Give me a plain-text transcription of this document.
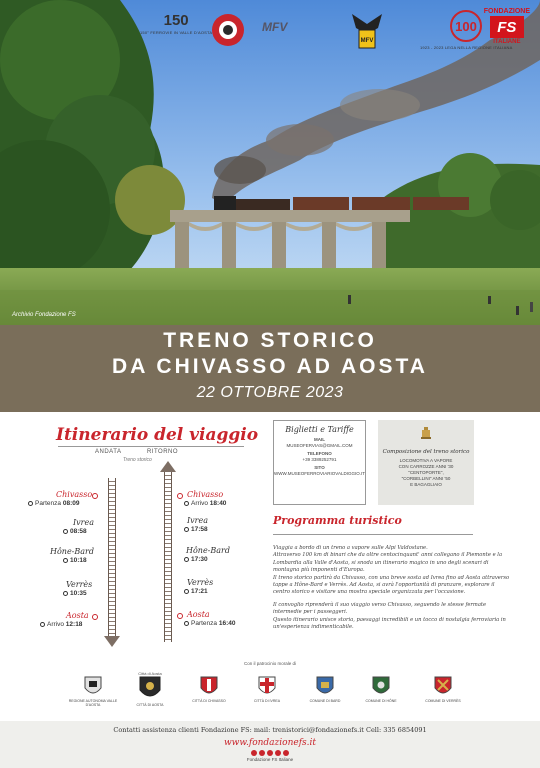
150
150° FERROVIE IN VALLE D'AOSTA	MFV
MFV
100
1923 - 2023 LEGA NELLA REGIONE ITALIANA
FONDAZIONE
FS
ITALIANE
Archivio Fondazione FS
TRENO STORICO
DA CHIVASSO AD AOSTA
22 OTTOBRE 2023
Itinerario del viaggio
ANDATA	RITORNO
Treno storico
Chivasso
Partenza 08:09
Ivrea
08:58
Hône-Bard
10:18
Verrès
10:35
Aosta
Arrivo 12:18
Chivasso
Arrivo 18:40
Ivrea
17:58
Hône-Bard
17:30
Verrès
17:21
Aosta
Partenza 16:40
Biglietti e Tariffe
MAIL
MUSEOFERVIAS@GMAIL.COM
TELEFONO
+39 3389252791
SITO
WWW.MUSEOFERROVIARIOVALDIGGIO.IT
Composizione del treno storico
LOCOMOTIVA A VAPORE
CON CARROZZE ANNI '30
"CENTOPORTE",
"CORBELLINI" ANNI '50
E BAGAGLIAIO
Programma turistico

Viaggia a bordo di un treno a vapore sulle Alpi Valdostane.
Attraverso 100 km di binari che da oltre centocinquant' anni collegano il Piemonte e la Lombardia alla Valle d'Aosta, si snoda un itinerario magico in uno degli scenari di montagna più imponenti d'Europa.
Il treno storico partirà da Chivasso, con una breve sosta ad Ivrea fino ad Aosta attraverso tappe a Hône-Bard e Verrès. Ad Aosta, si avrà l'opportunità di pranzare, esplorare il centro storico e visitare una mostra speciale organizzata per l'occasione.

Il convoglio riprenderà il suo viaggio verso Chivasso, seguendo le stesse fermate intermedie per i passeggeri.
Questo itinerario unisce storia, paesaggi incredibili e un tocco di nostalgia ferroviaria in un'esperienza indimenticabile.

Con il patrocinio morale di
REGIONE AUTONOMA VALLE D'AOSTA
Città di Aosta
CITTÀ DI AOSTA
CITTÀ DI CHIVASSO	CITTÀ DI IVREA	COMUNE DI BARD	COMUNE DI HÔNE	COMUNE DI VERRÈS
Contatti assistenza clienti Fondazione FS: mail: trenistorici@fondazionefs.it Cell: 335 6854091
www.fondazionefs.it
Fondazione FS Italiane
